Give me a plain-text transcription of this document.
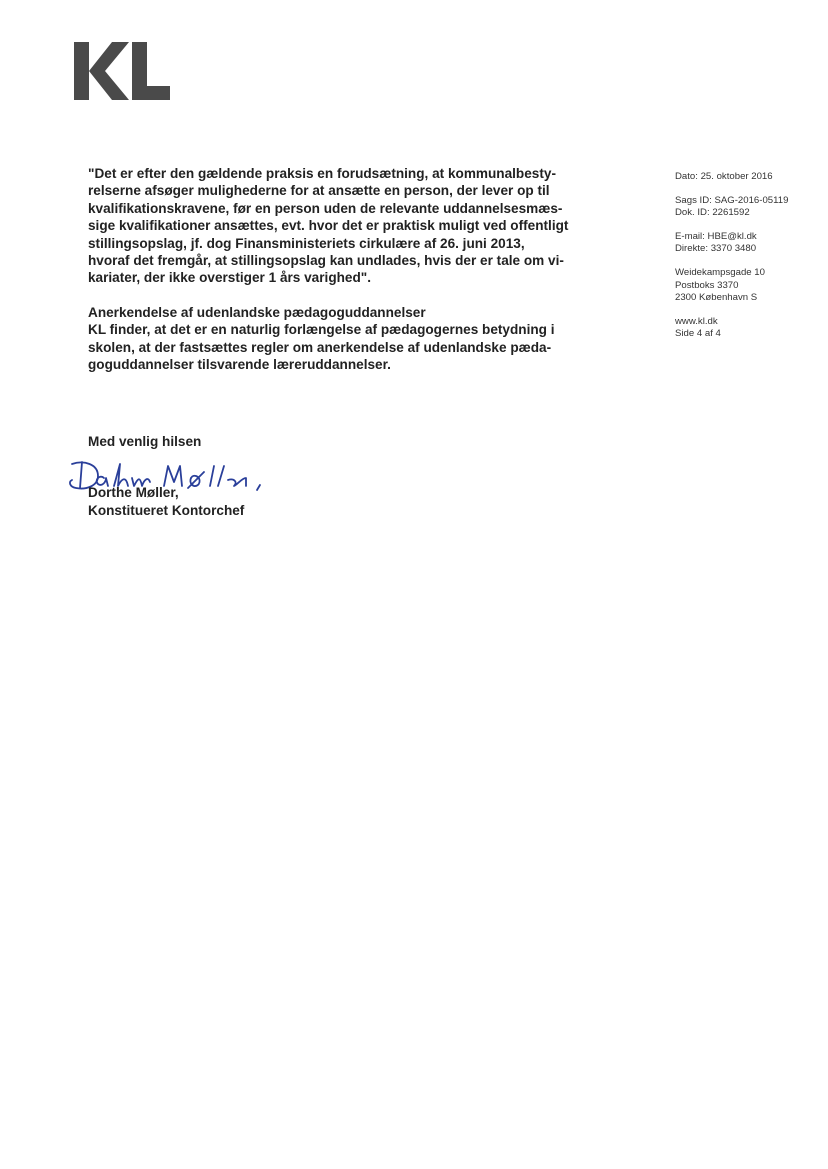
"Det er efter den gældende praksis en forudsætning, at kommunalbesty-
relserne afsøger mulighederne for at ansætte en person, der lever op til
kvalifikationskravene, før en person uden de relevante uddannelsesmæs-
sige kvalifikationer ansættes, evt. hvor det er praktisk muligt ved offentligt
stillingsopslag, jf. dog Finansministeriets cirkulære af 26. juni 2013,
hvoraf det fremgår, at stillingsopslag kan undlades, hvis der er tale om vi-
kariater, der ikke overstiger 1 års varighed".

Anerkendelse af udenlandske pædagoguddannelser
KL finder, at det er en naturlig forlængelse af pædagogernes betydning i
skolen, at der fastsættes regler om anerkendelse af udenlandske pæda-
goguddannelser tilsvarende læreruddannelser.

Dato: 25. oktober 2016
Sags ID: SAG-2016-05119
Dok. ID: 2261592
E-mail: HBE@kl.dk
Direkte: 3370 3480
Weidekampsgade 10
Postboks 3370
2300 København S
www.kl.dk
Side 4 af 4
Med venlig hilsen
Dorthe Møller,
Konstitueret Kontorchef
